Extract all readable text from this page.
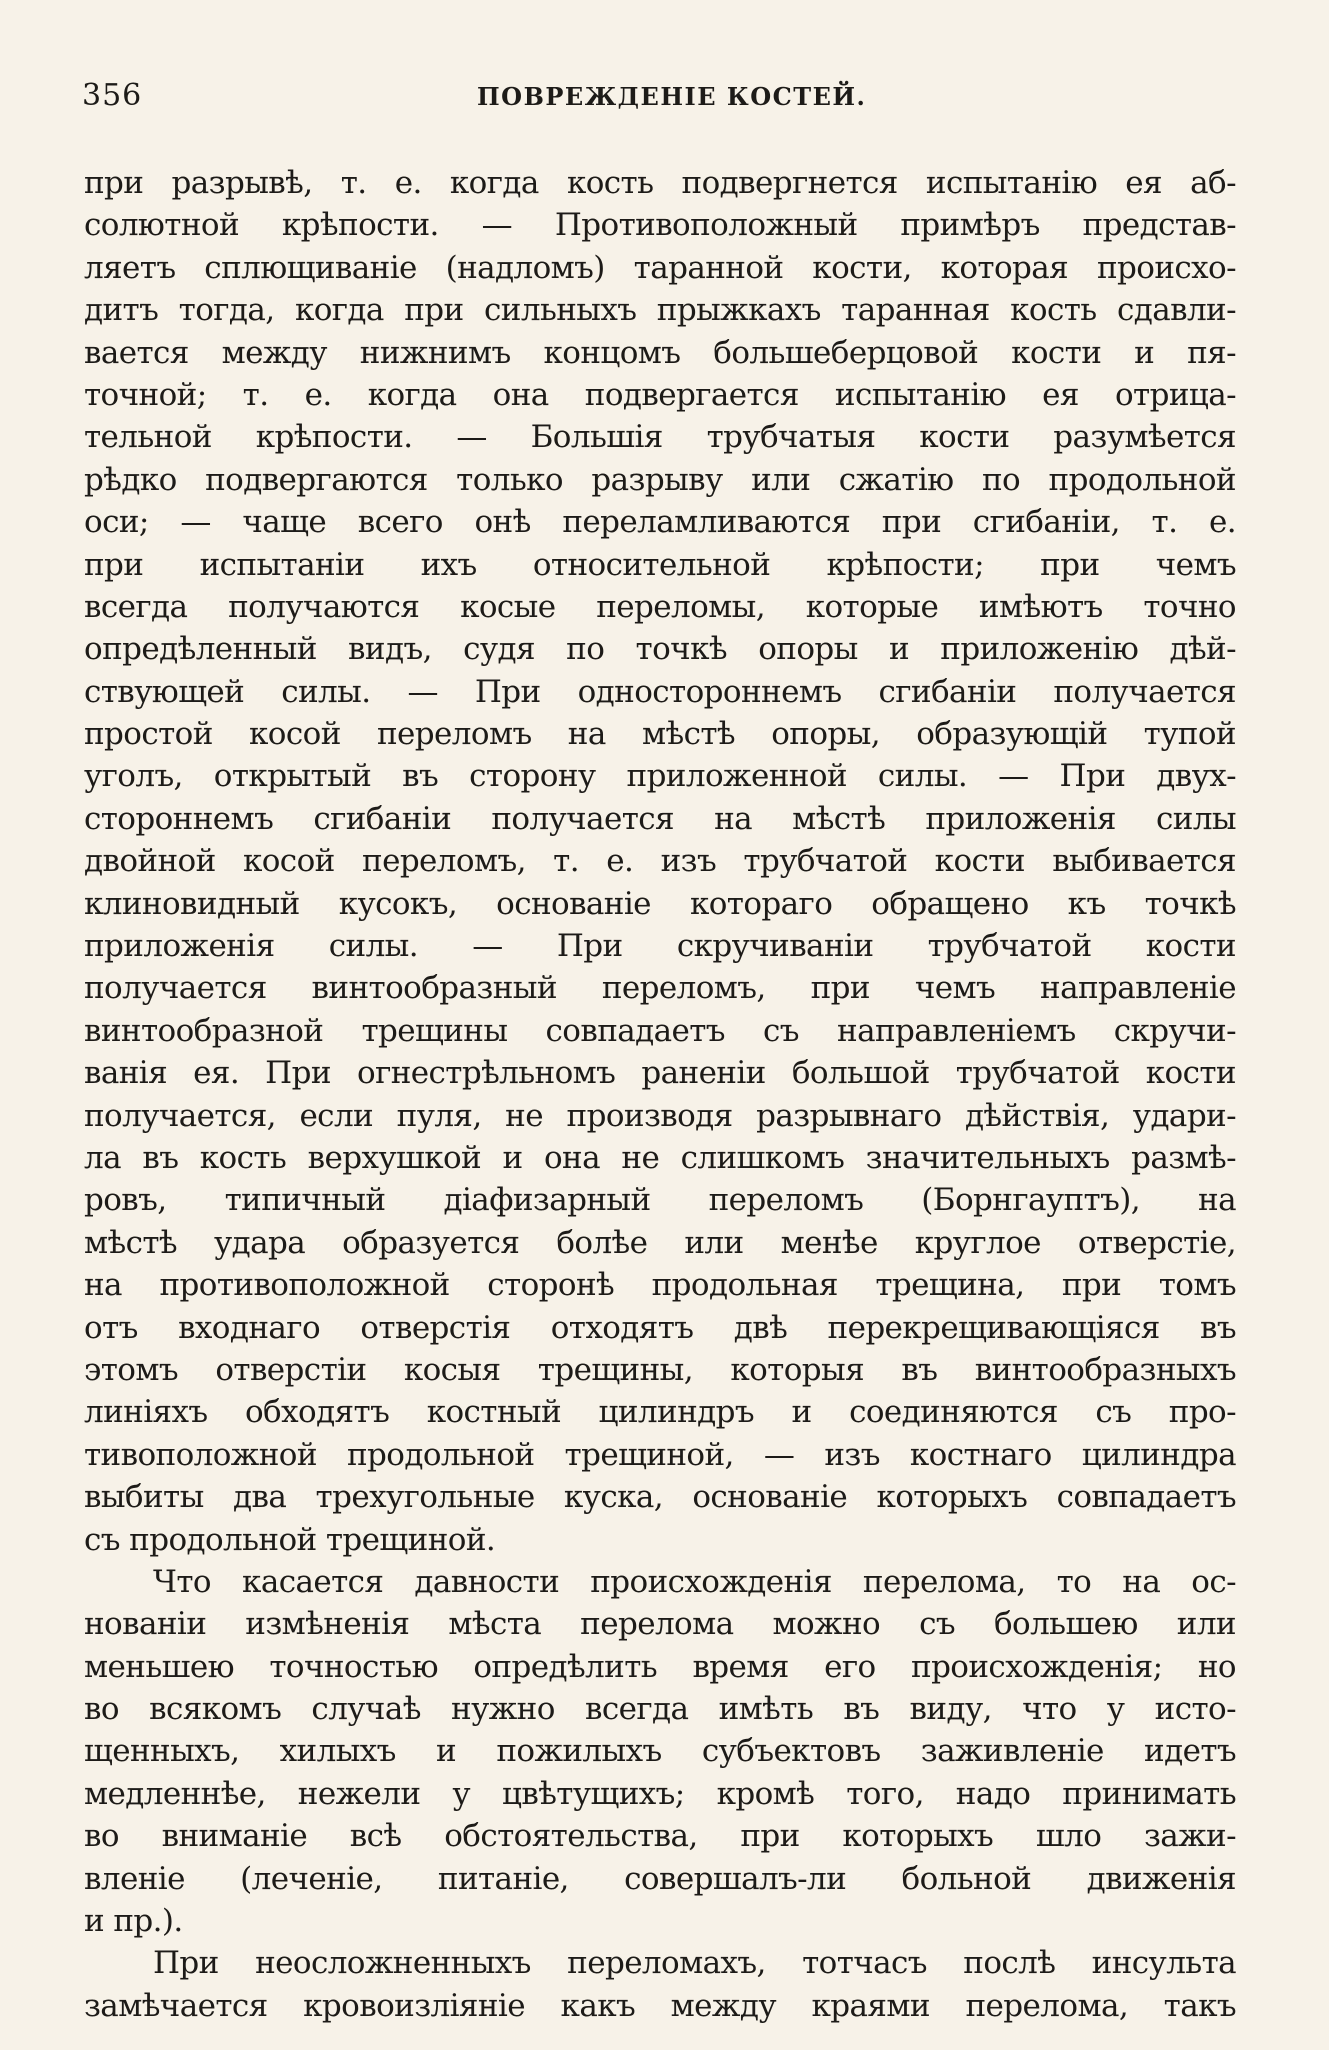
356	ПОВРЕЖДЕНІЕ КОСТЕЙ.
при разрывѣ, т. е. когда кость подвергнется испытанію ея аб-
солютной крѣпости. — Противоположный примѣръ представ-
ляетъ сплющиваніе (надломъ) таранной кости, которая происхо-
дитъ тогда, когда при сильныхъ прыжкахъ таранная кость сдавли-
вается между нижнимъ концомъ большеберцовой кости и пя-
точной; т. е. когда она подвергается испытанію ея отрица-
тельной крѣпости. — Большія трубчатыя кости разумѣется
рѣдко подвергаются только разрыву или сжатію по продольной
оси; — чаще всего онѣ переламливаются при сгибаніи, т. е.
при испытаніи ихъ относительной крѣпости; при чемъ
всегда получаются косые переломы, которые имѣютъ точно
опредѣленный видъ, судя по точкѣ опоры и приложенію дѣй-
ствующей силы. — При одностороннемъ сгибаніи получается
простой косой переломъ на мѣстѣ опоры, образующій тупой
уголъ, открытый въ сторону приложенной силы. — При двух-
стороннемъ сгибаніи получается на мѣстѣ приложенія силы
двойной косой переломъ, т. е. изъ трубчатой кости выбивается
клиновидный кусокъ, основаніе котораго обращено къ точкѣ
приложенія силы. — При скручиваніи трубчатой кости
получается винтообразный переломъ, при чемъ направленіе
винтообразной трещины совпадаетъ съ направленіемъ скручи-
ванія ея. При огнестрѣльномъ раненіи большой трубчатой кости
получается, если пуля, не производя разрывнаго дѣйствія, удари-
ла въ кость верхушкой и она не слишкомъ значительныхъ размѣ-
ровъ, типичный діафизарный переломъ (Борнгауптъ), на
мѣстѣ удара образуется болѣе или менѣе круглое отверстіе,
на противоположной сторонѣ продольная трещина, при томъ
отъ входнаго отверстія отходятъ двѣ перекрещивающіяся въ
этомъ отверстіи косыя трещины, которыя въ винтообразныхъ
линіяхъ обходятъ костный цилиндръ и соединяются съ про-
тивоположной продольной трещиной, — изъ костнаго цилиндра
выбиты два трехугольные куска, основаніе которыхъ совпадаетъ
съ продольной трещиной.
Что касается давности происхожденія перелома, то на ос-
нованіи измѣненія мѣста перелома можно съ большею или
меньшею точностью опредѣлить время его происхожденія; но
во всякомъ случаѣ нужно всегда имѣть въ виду, что у исто-
щенныхъ, хилыхъ и пожилыхъ субъектовъ заживленіе идетъ
медленнѣе, нежели у цвѣтущихъ; кромѣ того, надо принимать
во вниманіе всѣ обстоятельства, при которыхъ шло зажи-
вленіе (леченіе, питаніе, совершалъ-ли больной движенія
и пр.).
При неосложненныхъ переломахъ, тотчасъ послѣ инсульта
замѣчается кровоизліяніе какъ между краями перелома, такъ
